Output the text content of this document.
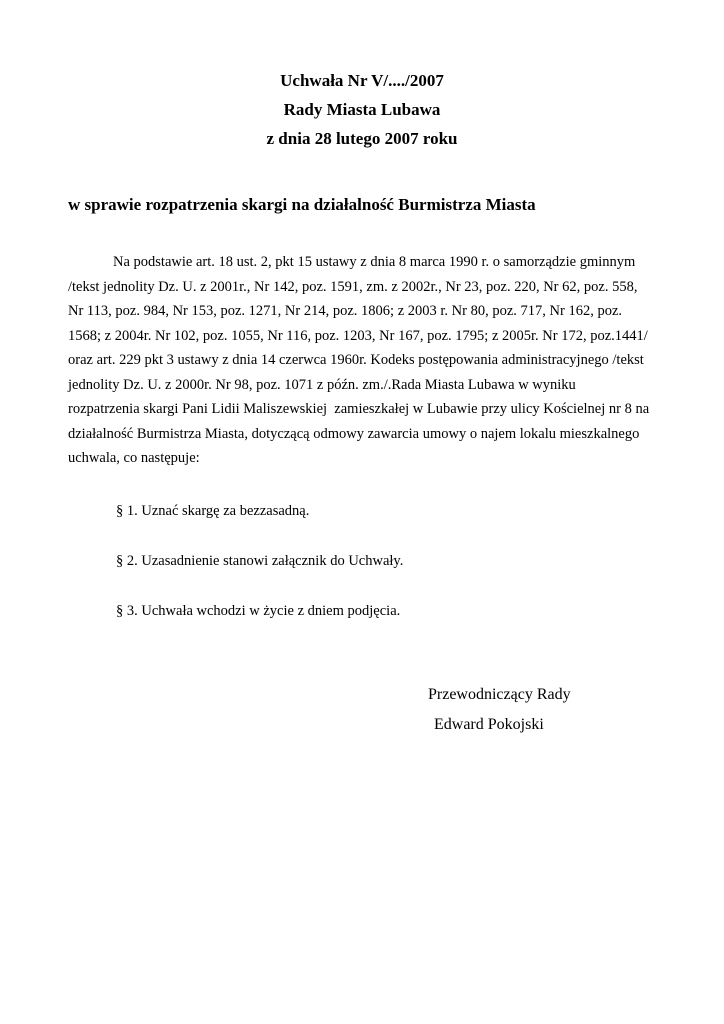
Uchwała Nr V/..../2007
Rady Miasta Lubawa
z dnia 28 lutego 2007 roku
w sprawie rozpatrzenia skargi na działalność Burmistrza Miasta
Na podstawie art. 18 ust. 2, pkt 15 ustawy z dnia 8 marca 1990 r. o samorządzie gminnym
/tekst jednolity Dz. U. z 2001r., Nr 142, poz. 1591, zm. z 2002r., Nr 23, poz. 220, Nr 62, poz. 558,
Nr 113, poz. 984, Nr 153, poz. 1271, Nr 214, poz. 1806; z 2003 r. Nr 80, poz. 717, Nr 162, poz.
1568; z 2004r. Nr 102, poz. 1055, Nr 116, poz. 1203, Nr 167, poz. 1795; z 2005r. Nr 172, poz.1441/
oraz art. 229 pkt 3 ustawy z dnia 14 czerwca 1960r. Kodeks postępowania administracyjnego /tekst
jednolity Dz. U. z 2000r. Nr 98, poz. 1071 z późn. zm./.Rada Miasta Lubawa w wyniku
rozpatrzenia skargi Pani Lidii Maliszewskiej  zamieszkałej w Lubawie przy ulicy Kościelnej nr 8 na
działalność Burmistrza Miasta, dotyczącą odmowy zawarcia umowy o najem lokalu mieszkalnego
uchwala, co następuje:
§ 1. Uznać skargę za bezzasadną.
§ 2. Uzasadnienie stanowi załącznik do Uchwały.
§ 3. Uchwała wchodzi w życie z dniem podjęcia.
Przewodniczący Rady
Edward Pokojski
